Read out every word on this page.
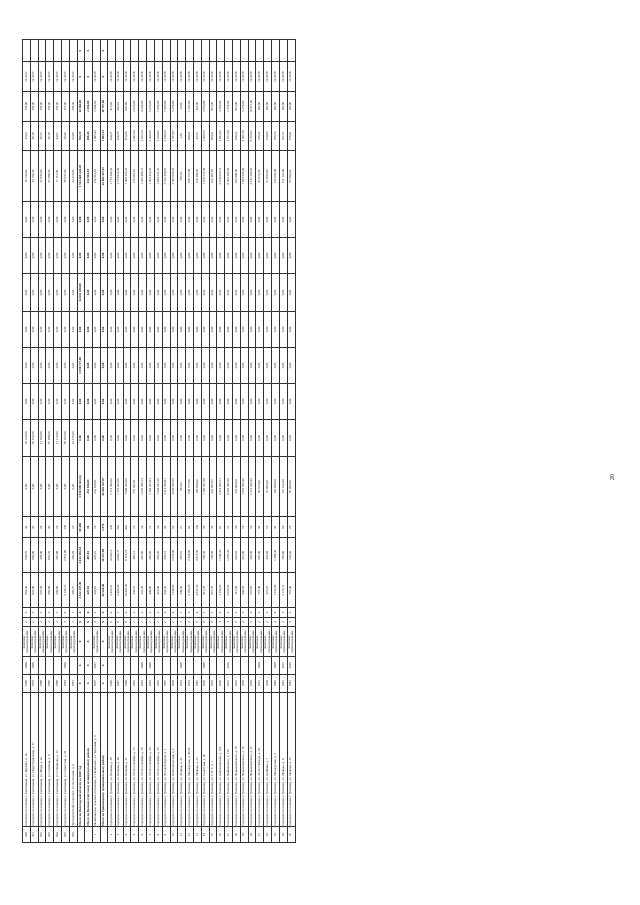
640	городское поселение г. Сыктывкар, ул. Дружбы, д. 1а	1986	2009	Комплекс. перевооружение	2	3	854,40	839,70	42	0,00	36 133,00	0,00	0,00	0,00	0,00	0,00	0,00	36 133,00	43,03	179,00	12.2017	
641	городское поселение г. Сыктывкар, ул. Индустриальная, д. 57	1979	2009	Комплекс. перевооружение	2	3	922,00	849,90	43	0,00	34 154,00	0,00	0,00	0,00	0,00	0,00	0,00	34 154,00	40,19	179,00	12.2017	
642	городское поселение г. Сыктывкар, ул. Мира, д. 2а	1988		Комплекс. перевооружение	2	1	525,66	478,00	24	0,00	21 633,00	0,00	0,00	0,00	0,00	0,00	0,00	21 633,00	45,26	179,00	12.2017	
643	городское поселение г. Сыктывкар, ул. Осипова, д. 6	1985		Комплекс. перевооружение	2	3	996,80	825,70	40	0,00	37 288,00	0,00	0,00	0,00	0,00	0,00	0,00	37 288,00	45,18	179,00	12.2017	
644	городское поселение г. Сыктывкар, ул. Степанова, д. 13	1988		Комплекс. перевооружение	2	1	609,80	381,98	19	0,00	17 113,00	0,00	0,00	0,00	0,00	0,00	0,00	17 113,00	44,81	179,00	12.2017	
645	городское поселение г. Сыктывкар, ул. Советская, д. 26	1993	2009	Комплекс. перевооружение	5	4	3 133,13	2 851,80	136	0,00	58 337,00	0,00	0,00	0,00	0,00	0,00	0,00	58 337,00	20,46	173,00	12.2017	
646	Трошорошский сельсовет, ул. Колхозная, д. 4	1981		Комплекс. перевооружение	2	1	286,77	260,70	10	0,00	24 216,00	0,00	0,00	0,00	0,00	0,00	0,00	24 216,00	92,89	179,00	12.2017	
	Итого по Вологодской области за 2018 год	X	X	X	X	X	2 522 237,49	2 014 116,34	90 400	1 538 999 363,54	0,00	0,00	3 936 757,00	0,00	32 633 380,09	0,00	0,00	1 512 469 244,45	764,13	14 366,00	X	X
	Итого по Великоустюгскому муниципальному району	X	X	X	X	X	447,81	407,10	19	252 916,81	0,00	0,00	0,00	0,00	0,00	0,00	0,00	252 916,81	490,43	2 294,00	X	X
1	Печаткинское сельское поселение, п. Печаткино, ул. Торговая, д. 6	1957	2017	Комплекс. перевооружение	2	2	447,81	407,10	19	252 916,81	0,00	0,00	0,00	0,00	0,00	0,00	0,00	252 916,81	1 095,43	2 294,00	12.2018	
	Итого по Грязовецкому муниципальному району	X	X	X	X	X	49 524,48	39 537,09	1 879	42 882 437,07	0,00	0,00	0,00	0,00	0,00	0,00	0,00	42 882 437,07	1 085,34	19 797,00	X	X
2	городское поселение г. Грязовец, ул. Беляева, д. 38	1986		Комплекс. перевооружение	5	4	5 455,61	4 030,11	236	1 774 394,62	0,00	0,00	0,00	0,00	0,00	0,00	0,00	1 774 394,62	440,27	471,46	12.2018	
3	городское поселение г. Грязовец, ул. Беляева, д. 49	1987		Комплекс. перевооружение	9	1	5 495,60	4 082,73	222	1 773 923,59	0,00	0,00	0,00	0,00	0,00	0,00	0,00	1 773 923,59	434,55	465,41	12.2018	
4	городское поселение г. Грязовец, ул. Беляева, д. 47	1989		Комплекс. перевооружение	9	4	10 405,60	8 118,73	422	7 098 263,63	0,00	0,00	0,00	0,00	0,00	0,00	0,00	7 098 263,63	873,95	918,99	12.2018	
5	городское поселение г. Грязовец, ул. 50 лет Октября, д. 17	1952		Комплекс. перевооружение	2	2	533,67	485,15	16	775 047,91	0,00	0,00	0,00	0,00	0,00	0,00	0,00	775 047,91	1 597,54	2 023,00	12.2018	
6	городское поселение г. Грязовец, ул. 50 лет Октября, д. 19	1953	2009	Комплекс. перевооружение	2	2	541,20	491,80	19	1 035 498,13	0,00	0,00	0,00	0,00	0,00	0,00	0,00	1 035 498,13	2 105,74	4 245,00	12.2018	
7	городское поселение г. Грязовец, ул. 50 лет Октября, д. 23	1953	2008	Комплекс. перевооружение	2	2	439,90	395,40	17	1 704 452,91	0,00	0,00	0,00	0,00	0,00	0,00	0,00	1 704 452,91	4 309,35	5 936,00	12.2018	
8	городское поселение г. Грязовец, ул. 50 лет Октября, д. 25	1956		Комплекс. перевооружение	2	2	419,90	379,40	10	1 943 241,10	0,00	0,00	0,00	0,00	0,00	0,00	0,00	1 943 241,10	5 419,02	7 460,00	12.2018	
9	городское поселение г. Грязовец, ул. Луговой Фронт, д. 1	1957		Комплекс. перевооружение	2	2	633,50	570,15	45	3 512 469,81	0,00	0,00	0,00	0,00	0,00	0,00	0,00	3 512 469,81	6 160,64	7 403,00	12.2018	
10	городское поселение г. Грязовец, ул. Комсомольская, д. 2	1930		Комплекс. перевооружение	2	4	1 140,00	1 075,80	52	3 633 056,65	0,00	0,00	0,00	0,00	0,00	0,00	0,00	3 633 056,65	3 377,07	6 279,00	12.2018	
11	городское поселение г. Грязовец, ул. Ленина, д. 46	1954	2008	Комплекс. перевооружение	1	1	549,50	387,81	21	583,63	0,00	0,00	0,00	0,00	0,00	0,00	0,00	583,63	1,50	13,00	12.2018	
12	городское поселение г. Грязовец, ул. Пионерская, д. 40/10	1954		Комплекс. перевооружение	3	5	3 185,20	2 206,80	94	638 777,08	0,00	0,00	0,00	0,00	0,00	0,00	0,00	638 777,08	289,47	1 167,00	12.2018	
13	городское поселение г. Грязовец, ул. Правды, д. 22	1987		Комплекс. перевооружение	5	4	4 337,20	3 817,60	150	169 469,92	0,00	0,00	0,00	0,00	0,00	0,00	0,00	169 469,92	43,25	324,00	12.2018	
14	городское поселение г. Грязовец, ул. Советская, д. 96	1958	2008	Комплекс. перевооружение	3	2	811,78	760,50	29	1 100 627,39	0,00	0,00	0,00	0,00	0,00	0,00	0,00	1 100 627,39	1 409,33	3 566,00	12.2018	
15	городское поселение г. Грязовец, ул. С.Х.Т., д. 1	1966		Комплекс. перевооружение	3	2	821,79	740,99	35	224 397,85	0,00	0,00	0,00	0,00	0,00	0,00	0,00	224 397,85	303,61	812,00	12.2018	
16	городское поселение г. Грязовец, ул. Бабушкинская, д. 120	1958		Комплекс. перевооружение	3	4	1 762,05	1 540,70	61	3 419 065,71	0,00	0,00	0,00	0,00	0,00	0,00	0,00	3 419 065,71	2 962,42	4 200,00	12.2018	
17	городское поселение г. Грязовец, ул. Чайковского, д. 13б	1937	2010	Комплекс. перевооружение	3	5	2 025,65	1 876,70	71	8 593 385,56	0,00	0,00	0,00	0,00	0,00	0,00	0,00	8 593 385,56	4 571,68	7 352,00	12.2018	
18	городское поселение г. Грязовец, ул. Чернышевского, д. 15	1956		Комплекс. перевооружение	2	2	711,04	645,91	20	355 000,00	0,00	0,00	0,00	0,00	0,00	0,00	0,00	355 000,00	549,62	812,00	12.2018	
19	городское поселение г. Грязовец, ул. Чернышевского, д. 19	1958		Комплекс. перевооружение	2	2	444,05	401,90	14	1 833 505,40	0,00	0,00	0,00	0,00	0,00	0,00	0,00	1 833 505,40	4 566,79	6 279,00	12.2018	
20	городское поселение г. Грязовец, ул. Чернышевского, д. 27	1956		Комплекс. перевооружение	2	2	267,85	245,30	10	2 131 206,26	0,00	0,00	0,00	0,00	0,00	0,00	0,00	2 131 206,26	8 752,62	10 917,00	12.2018	
21	городское поселение г. Грязовец, ул. 30 лет Победы, д. 54	1961	2009	Комплекс. перевооружение	2	2	767,40	697,00	32	95 672,00	0,00	0,00	0,00	0,00	0,00	0,00	0,00	95 672,00	145,62	195,00	12.2018	
22	городское поселение г. Грязовец, ул. Крайняя, д. 7	1959		Комплекс. перевооружение	2	2	367,27	333,48	15	51 066,00	0,00	0,00	0,00	0,00	0,00	0,00	0,00	51 066,00	150,03	195,00	12.2018	
23	городское поселение г. Грязовец, ул. Пионерская, д. 3	1983	2008	Комплекс. перевооружение	4	4	1 741,80	1 288,30	41	136 039,00	0,00	0,00	0,00	0,00	0,00	0,00	0,00	136 039,00	105,60	195,00	12.2018	
24	городское поселение г. Грязовец, ул. Правды, д. 11	1981	2015	Комплекс. перевооружение	3	3	2 173,11	782,90	62	161 122,00	0,00	0,00	0,00	0,00	0,00	0,00	0,00	161 122,00	107,27	195,00	12.2018	
25	городское поселение г. Грязовец, ул. Правды, д. 33	1981	2010	Комплекс. перевооружение	3	3	737,40	633,40	26	85 966,00	0,00	0,00	0,00	0,00	0,00	0,00	0,00	85 966,00	134,91	195,00	12.2018	
20
